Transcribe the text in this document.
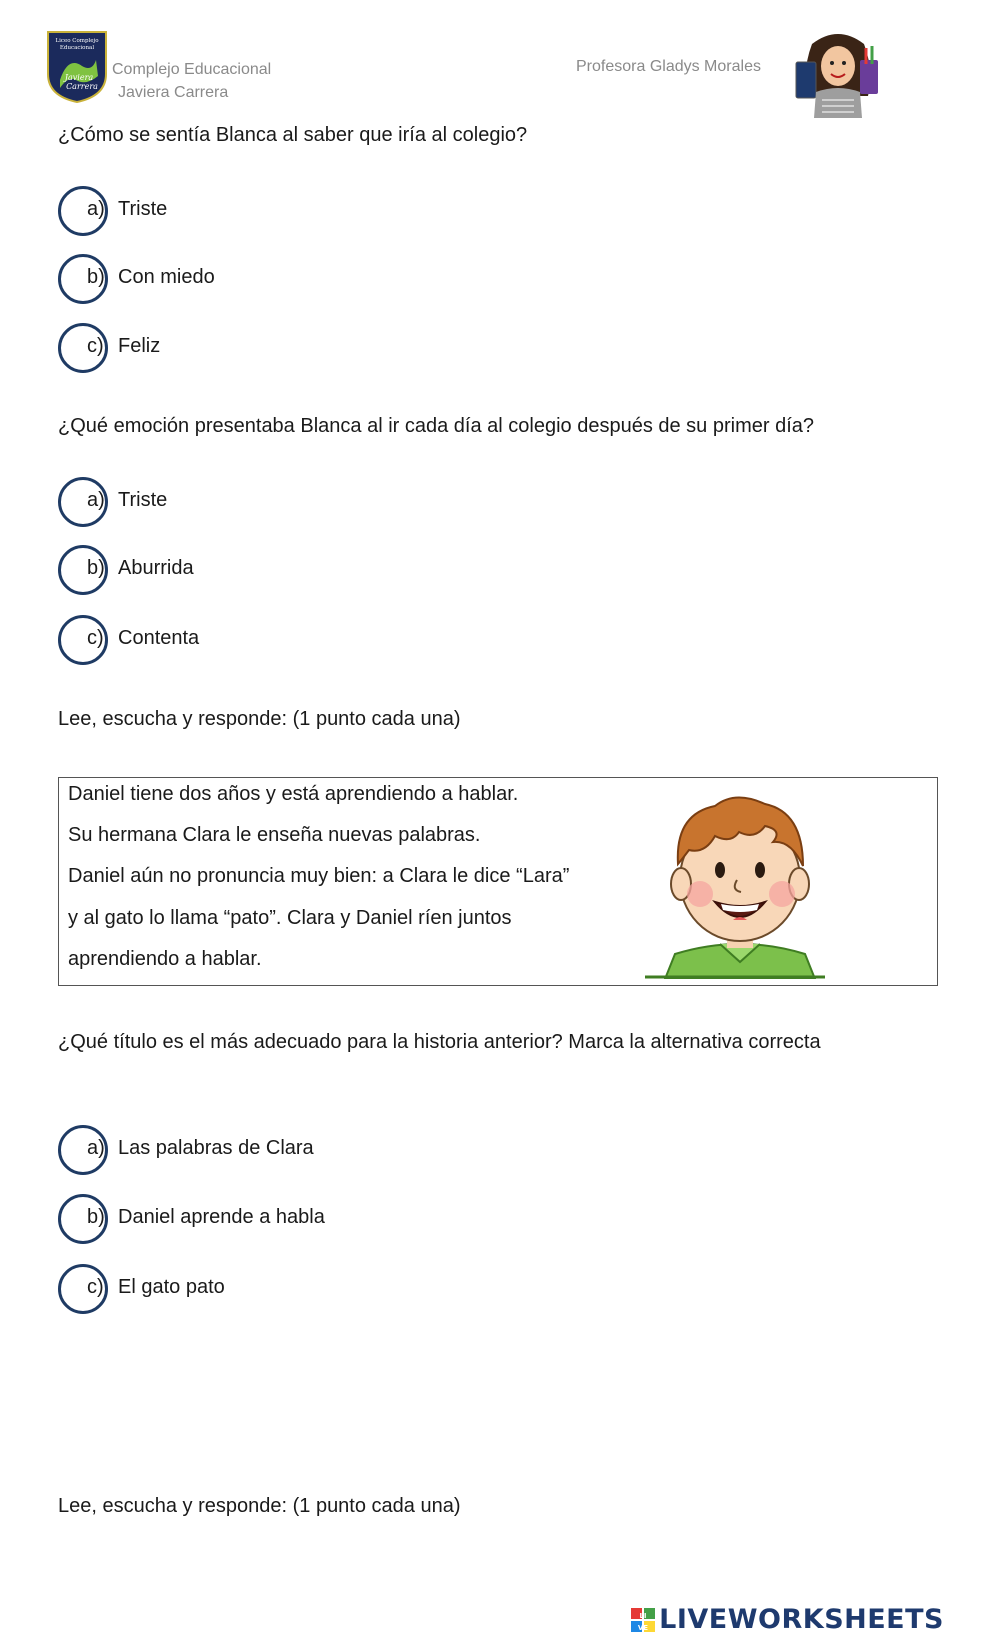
Liceo Complejo
Educacional
Javiera
Carrera
Complejo Educacional
Javiera Carrera
Profesora Gladys Morales
¿Cómo se sentía Blanca al saber que iría al colegio?
a) Triste
b) Con miedo
c) Feliz
¿Qué emoción presentaba Blanca al ir cada día al colegio después de su primer día?
a) Triste
b) Aburrida
c) Contenta
Lee, escucha y responde: (1 punto cada una)
Daniel tiene dos años y está aprendiendo a hablar.
Su hermana Clara le enseña nuevas palabras.
Daniel aún no pronuncia muy bien: a Clara le dice “Lara”
y al gato lo llama “pato”. Clara y Daniel ríen juntos
aprendiendo a hablar.
¿Qué título es el más adecuado para la historia anterior? Marca la alternativa correcta
a) Las palabras de Clara
b) Daniel aprende a habla
c) El gato pato
Lee, escucha y responde: (1 punto cada una)
LI
VE LIVEWORKSHEETS
